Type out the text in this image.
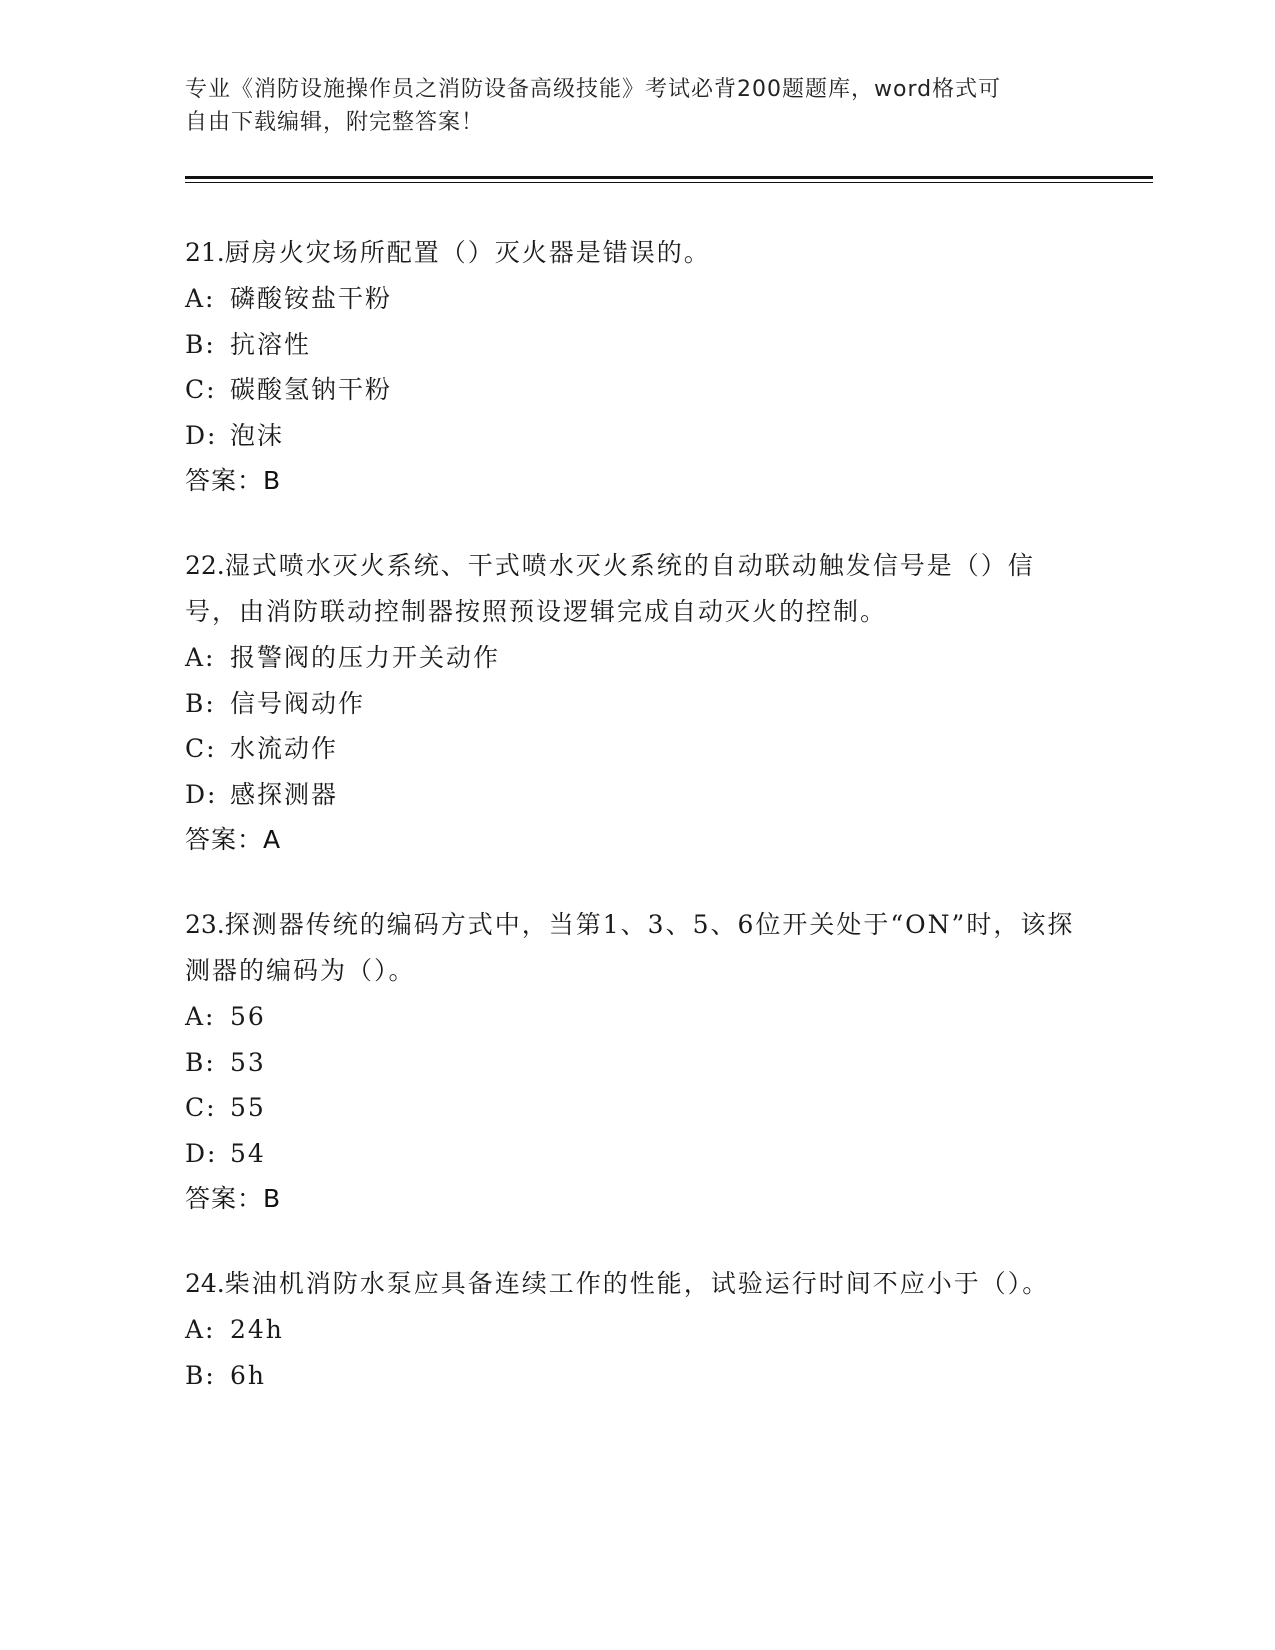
专业《消防设施操作员之消防设备高级技能》考试必背200题题库，word格式可

自由下载编辑，附完整答案！

21.厨房火灾场所配置（）灭火器是错误的。

A: 磷酸铵盐干粉

B: 抗溶性

C: 碳酸氢钠干粉

D: 泡沫

答案：B

22.湿式喷水灭火系统、干式喷水灭火系统的自动联动触发信号是（）信号，由消防联动控制器按照预设逻辑完成自动灭火的控制。

A: 报警阀的压力开关动作

B: 信号阀动作

C: 水流动作

D: 感探测器

答案：A

23.探测器传统的编码方式中，当第1、3、5、6位开关处于“ON”时，该探测器的编码为（）。

A: 56

B: 53

C: 55

D: 54

答案：B

24.柴油机消防水泵应具备连续工作的性能，试验运行时间不应小于（）。

A: 24h

B: 6h
